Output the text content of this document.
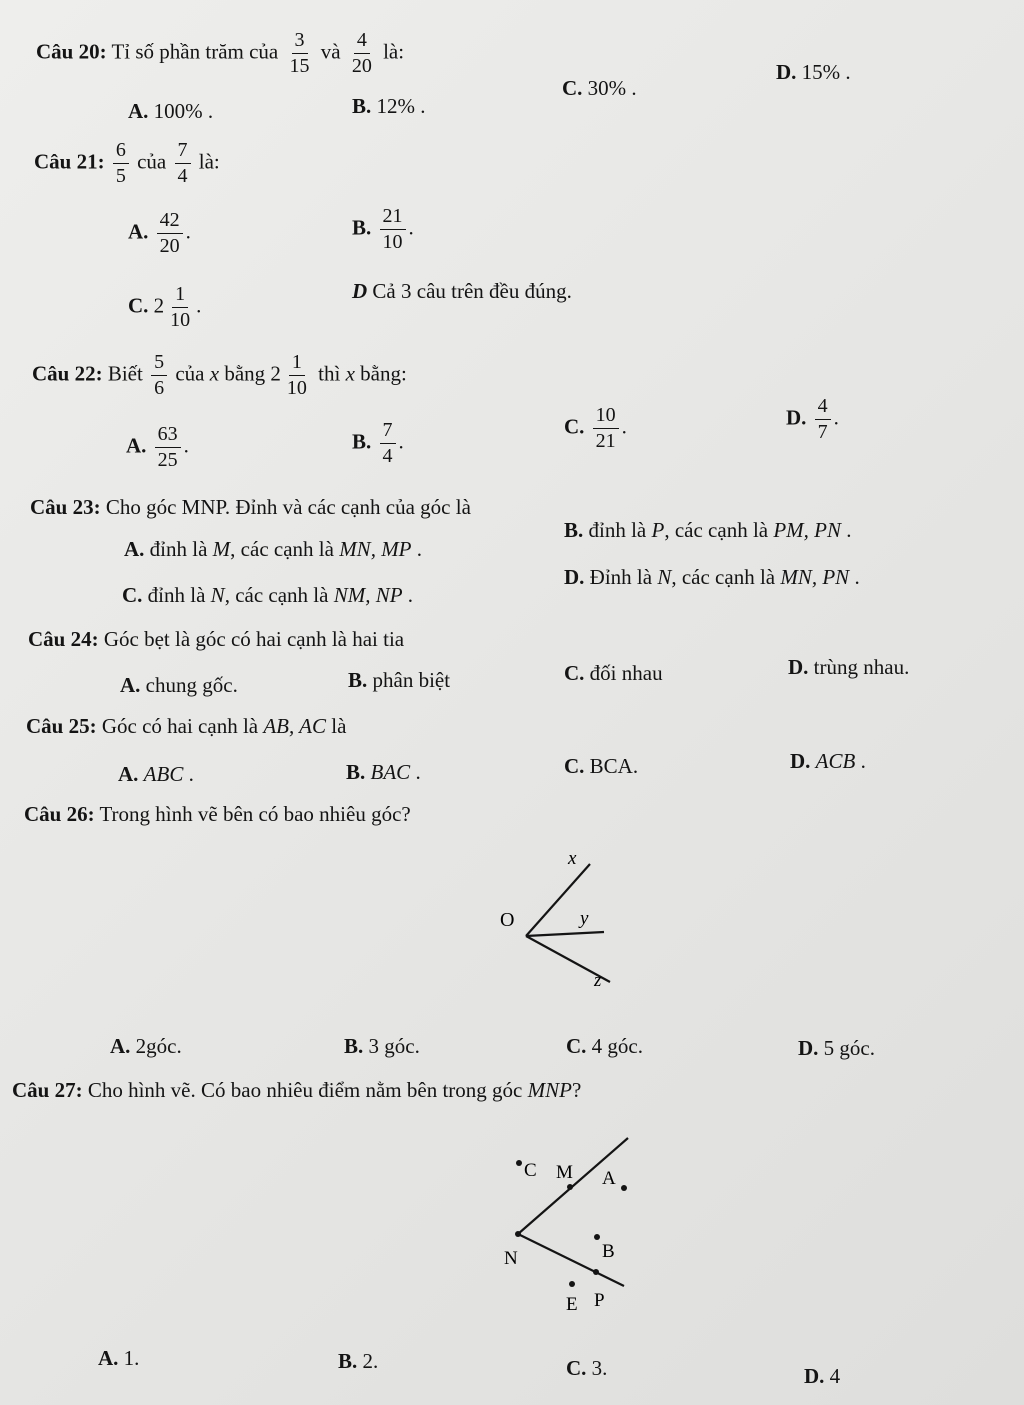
Câu 20: Tỉ số phần trăm của $\frac{3}{15}$ và $\frac{4}{20}$ là:
A. 100% .	B. 12% .
C. 30% .
D. 15% .
Câu 21: $\frac{6}{5}$ của $\frac{7}{4}$ là:
A. $\frac{42}{20}$ .	B. $\frac{21}{10}$ .
C. $2 \frac{1}{10}$ .
D Cả 3 câu trên đều đúng.
Câu 22: Biết $\frac{5}{6}$ của x bằng $2 \frac{1}{10}$ thì x bằng:
A. $\frac{63}{25}$ .	B. $\frac{7}{4}$ .
C. $\frac{10}{21}$ .	D. $\frac{4}{7}$ .
Câu 23: Cho góc MNP. Đỉnh và các cạnh của góc là
A. đỉnh là M, các cạnh là MN, MP .
B. đỉnh là P, các cạnh là PM, PN .
C. đỉnh là N, các cạnh là NM, NP .
D. Đỉnh là N, các cạnh là MN, PN .
Câu 24: Góc bẹt là góc có hai cạnh là hai tia
A. chung gốc.	B. phân biệt	C. đối nhau	D. trùng nhau.
Câu 25: Góc có hai cạnh là AB, AC là
A. ABC .	B. BAC .	C. BCA.	D. ACB .
Câu 26: Trong hình vẽ bên có bao nhiêu góc?
O
x
y
z
A. 2góc.	B. 3 góc.	C. 4 góc.	D. 5 góc.
Câu 27: Cho hình vẽ. Có bao nhiêu điểm nằm bên trong góc MNP?
C M A
N	B
E P
A. 1.	B. 2.	C. 3.	D. 4
